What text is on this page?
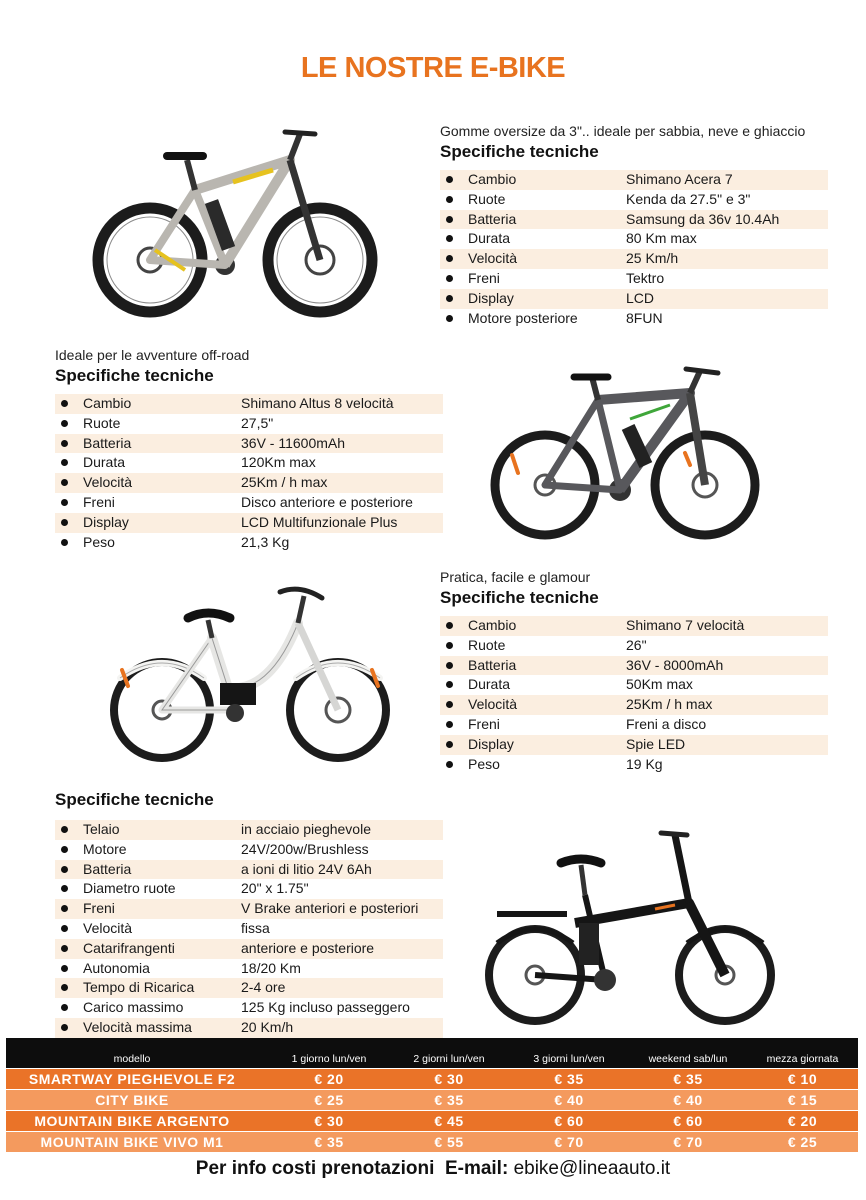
LE NOSTRE E-BIKE
Gomme oversize da 3".. ideale per sabbia, neve e ghiaccio
Specifiche tecniche
Cambio	Shimano Acera 7
Ruote	Kenda da 27.5" e 3"
Batteria	Samsung da 36v 10.4Ah
Durata	80 Km max
Velocità	25 Km/h
Freni	Tektro
Display	LCD
Motore posteriore	8FUN
Ideale per le avventure off-road
Specifiche tecniche
Cambio	Shimano Altus 8 velocità
Ruote	27,5"
Batteria	36V - 11600mAh
Durata	120Km max
Velocità	25Km / h max
Freni	Disco anteriore e posteriore
Display	LCD Multifunzionale Plus
Peso	21,3 Kg
Pratica, facile e glamour
Specifiche tecniche
Cambio	Shimano 7 velocità
Ruote	26"
Batteria	36V - 8000mAh
Durata	50Km max
Velocità	25Km / h max
Freni	Freni a disco
Display	Spie LED
Peso	19 Kg
Specifiche tecniche
Telaio	in acciaio pieghevole
Motore	24V/200w/Brushless
Batteria	a ioni di litio 24V 6Ah
Diametro ruote	20" x 1.75"
Freni	V Brake anteriori e posteriori
Velocità	fissa
Catarifrangenti	anteriore e posteriore
Autonomia	18/20 Km
Tempo di Ricarica	2-4 ore
Carico massimo	125 Kg incluso passeggero
Velocità massima	20 Km/h
modello	1 giorno lun/ven	2 giorni lun/ven	3 giorni lun/ven	weekend sab/lun	mezza giornata
SMARTWAY PIEGHEVOLE F2	€ 20	€ 30	€ 35	€ 35	€ 10
CITY BIKE	€ 25	€ 35	€ 40	€ 40	€ 15
MOUNTAIN BIKE ARGENTO	€ 30	€ 45	€ 60	€ 60	€ 20
MOUNTAIN BIKE VIVO M1	€ 35	€ 55	€ 70	€ 70	€ 25
Per info costi prenotazioni E-mail: ebike@lineaauto.it
